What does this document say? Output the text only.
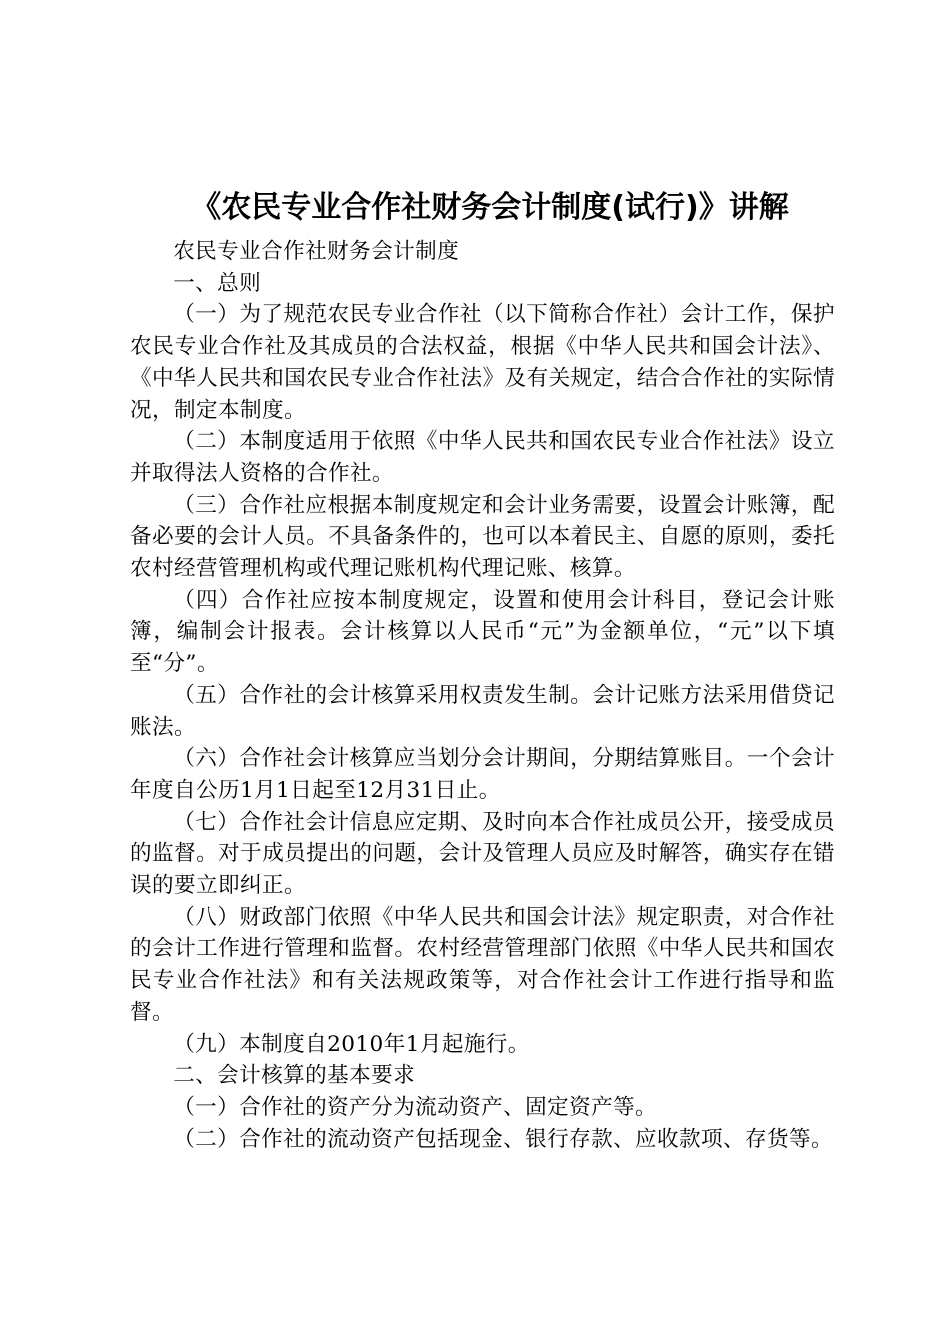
《农民专业合作社财务会计制度(试行)》讲解

农民专业合作社财务会计制度

一、总则

（一）为了规范农民专业合作社（以下简称合作社）会计工作，保护农民专业合作社及其成员的合法权益，根据《中华人民共和国会计法》、《中华人民共和国农民专业合作社法》及有关规定，结合合作社的实际情况，制定本制度。

（二）本制度适用于依照《中华人民共和国农民专业合作社法》设立并取得法人资格的合作社。

（三）合作社应根据本制度规定和会计业务需要，设置会计账簿，配备必要的会计人员。不具备条件的，也可以本着民主、自愿的原则，委托农村经营管理机构或代理记账机构代理记账、核算。

（四）合作社应按本制度规定，设置和使用会计科目，登记会计账簿，编制会计报表。会计核算以人民币“元”为金额单位，“元”以下填至“分”。

（五）合作社的会计核算采用权责发生制。会计记账方法采用借贷记账法。

（六）合作社会计核算应当划分会计期间，分期结算账目。一个会计年度自公历1月1日起至12月31日止。

（七）合作社会计信息应定期、及时向本合作社成员公开，接受成员的监督。对于成员提出的问题，会计及管理人员应及时解答，确实存在错误的要立即纠正。

（八）财政部门依照《中华人民共和国会计法》规定职责，对合作社的会计工作进行管理和监督。农村经营管理部门依照《中华人民共和国农民专业合作社法》和有关法规政策等，对合作社会计工作进行指导和监督。

（九）本制度自2010年1月起施行。

二、会计核算的基本要求

（一）合作社的资产分为流动资产、固定资产等。

（二）合作社的流动资产包括现金、银行存款、应收款项、存货等。
